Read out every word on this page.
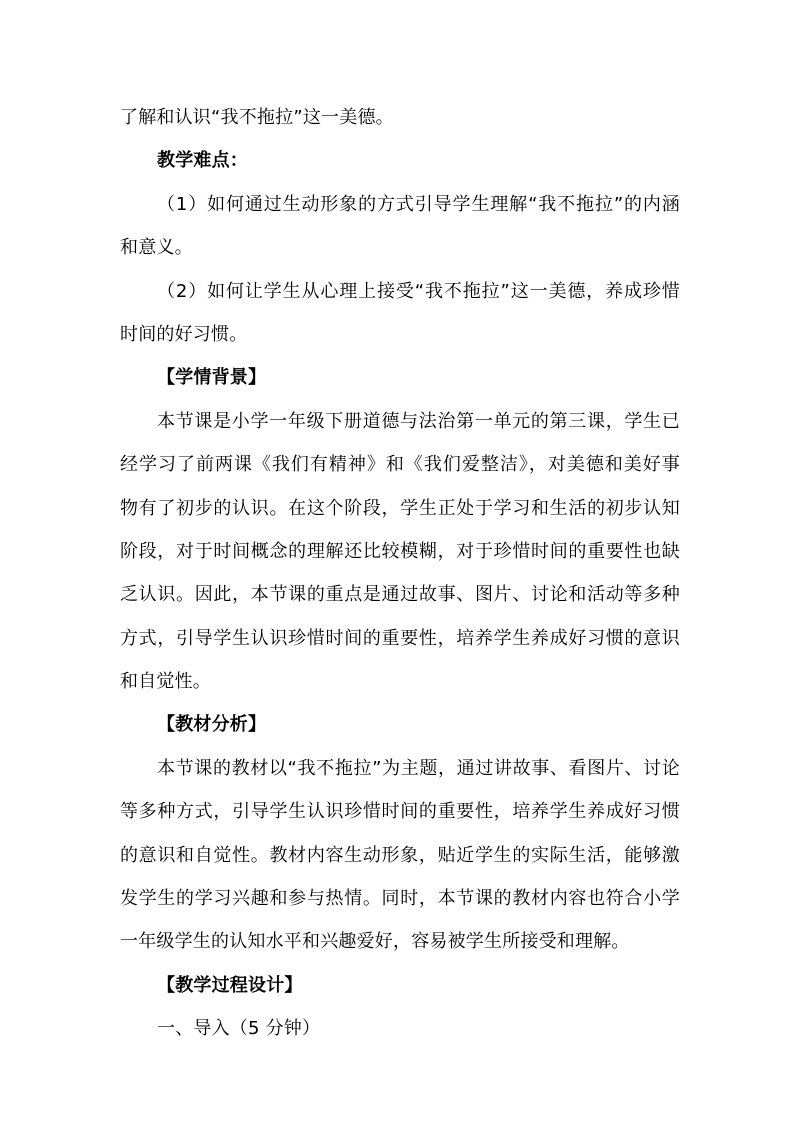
了解和认识“我不拖拉”这一美德。
教学难点：
（1）如何通过生动形象的方式引导学生理解“我不拖拉”的内涵
和意义。
（2）如何让学生从心理上接受“我不拖拉”这一美德，养成珍惜
时间的好习惯。
【学情背景】
本节课是小学一年级下册道德与法治第一单元的第三课，学生已
经学习了前两课《我们有精神》和《我们爱整洁》，对美德和美好事
物有了初步的认识。在这个阶段，学生正处于学习和生活的初步认知
阶段，对于时间概念的理解还比较模糊，对于珍惜时间的重要性也缺
乏认识。因此，本节课的重点是通过故事、图片、讨论和活动等多种
方式，引导学生认识珍惜时间的重要性，培养学生养成好习惯的意识
和自觉性。
【教材分析】
本节课的教材以“我不拖拉”为主题，通过讲故事、看图片、讨论
等多种方式，引导学生认识珍惜时间的重要性，培养学生养成好习惯
的意识和自觉性。教材内容生动形象，贴近学生的实际生活，能够激
发学生的学习兴趣和参与热情。同时，本节课的教材内容也符合小学
一年级学生的认知水平和兴趣爱好，容易被学生所接受和理解。
【教学过程设计】
一、导入（5 分钟）
